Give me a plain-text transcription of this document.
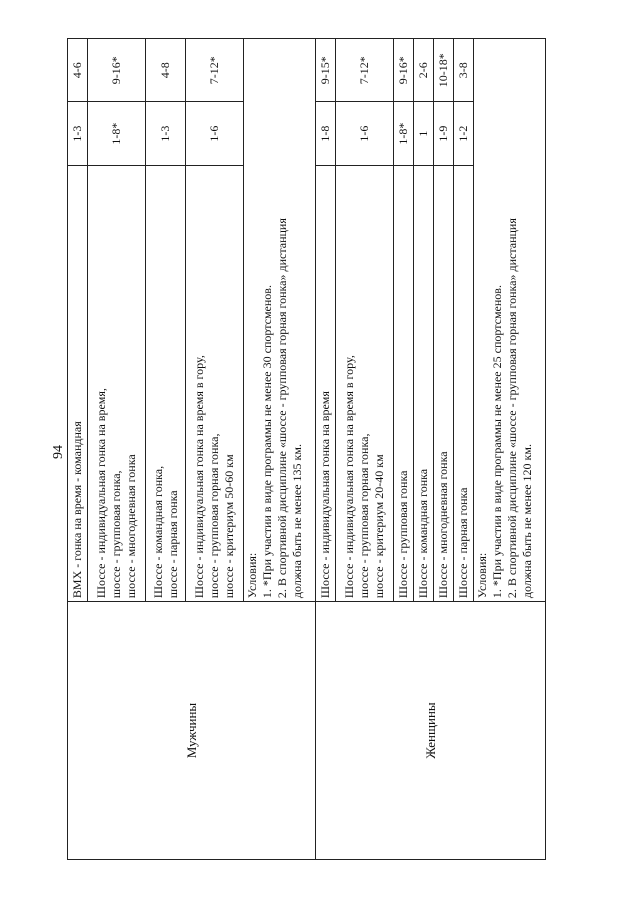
94
Мужчины	BMX - гонка на время - командная	1-3	4-6

	Шоссе - индивидуальная гонка на время, шоссе - групповая гонка, шоссе - многодневная гонка	1-8*	9-16*

	Шоссе - командная гонка, шоссе - парная гонка	1-3	4-8

	Шоссе - индивидуальная гонка на время в гору, шоссе - групповая горная гонка, шоссе - критериум 50-60 км	1-6	7-12*

	Условия: 1. *При участии в виде программы не менее 30 спортсменов. 2. В спортивной дисциплине «шоссе - групповая горная гонка» дистанция должна быть не менее 135 км.		

Женщины	Шоссе - индивидуальная гонка на время	1-8	9-15*

	Шоссе - индивидуальная гонка на время в гору, шоссе - групповая горная гонка, шоссе - критериум 20-40 км	1-6	7-12*

	Шоссе - групповая гонка	1-8*	9-16*

	Шоссе - командная гонка	1	2-6

	Шоссе - многодневная гонка	1-9	10-18*

	Шоссе - парная гонка	1-2	3-8

	Условия: 1. *При участии в виде программы не менее 25 спортсменов. 2. В спортивной дисциплине «шоссе - групповая горная гонка» дистанция должна быть не менее 120 км.		
